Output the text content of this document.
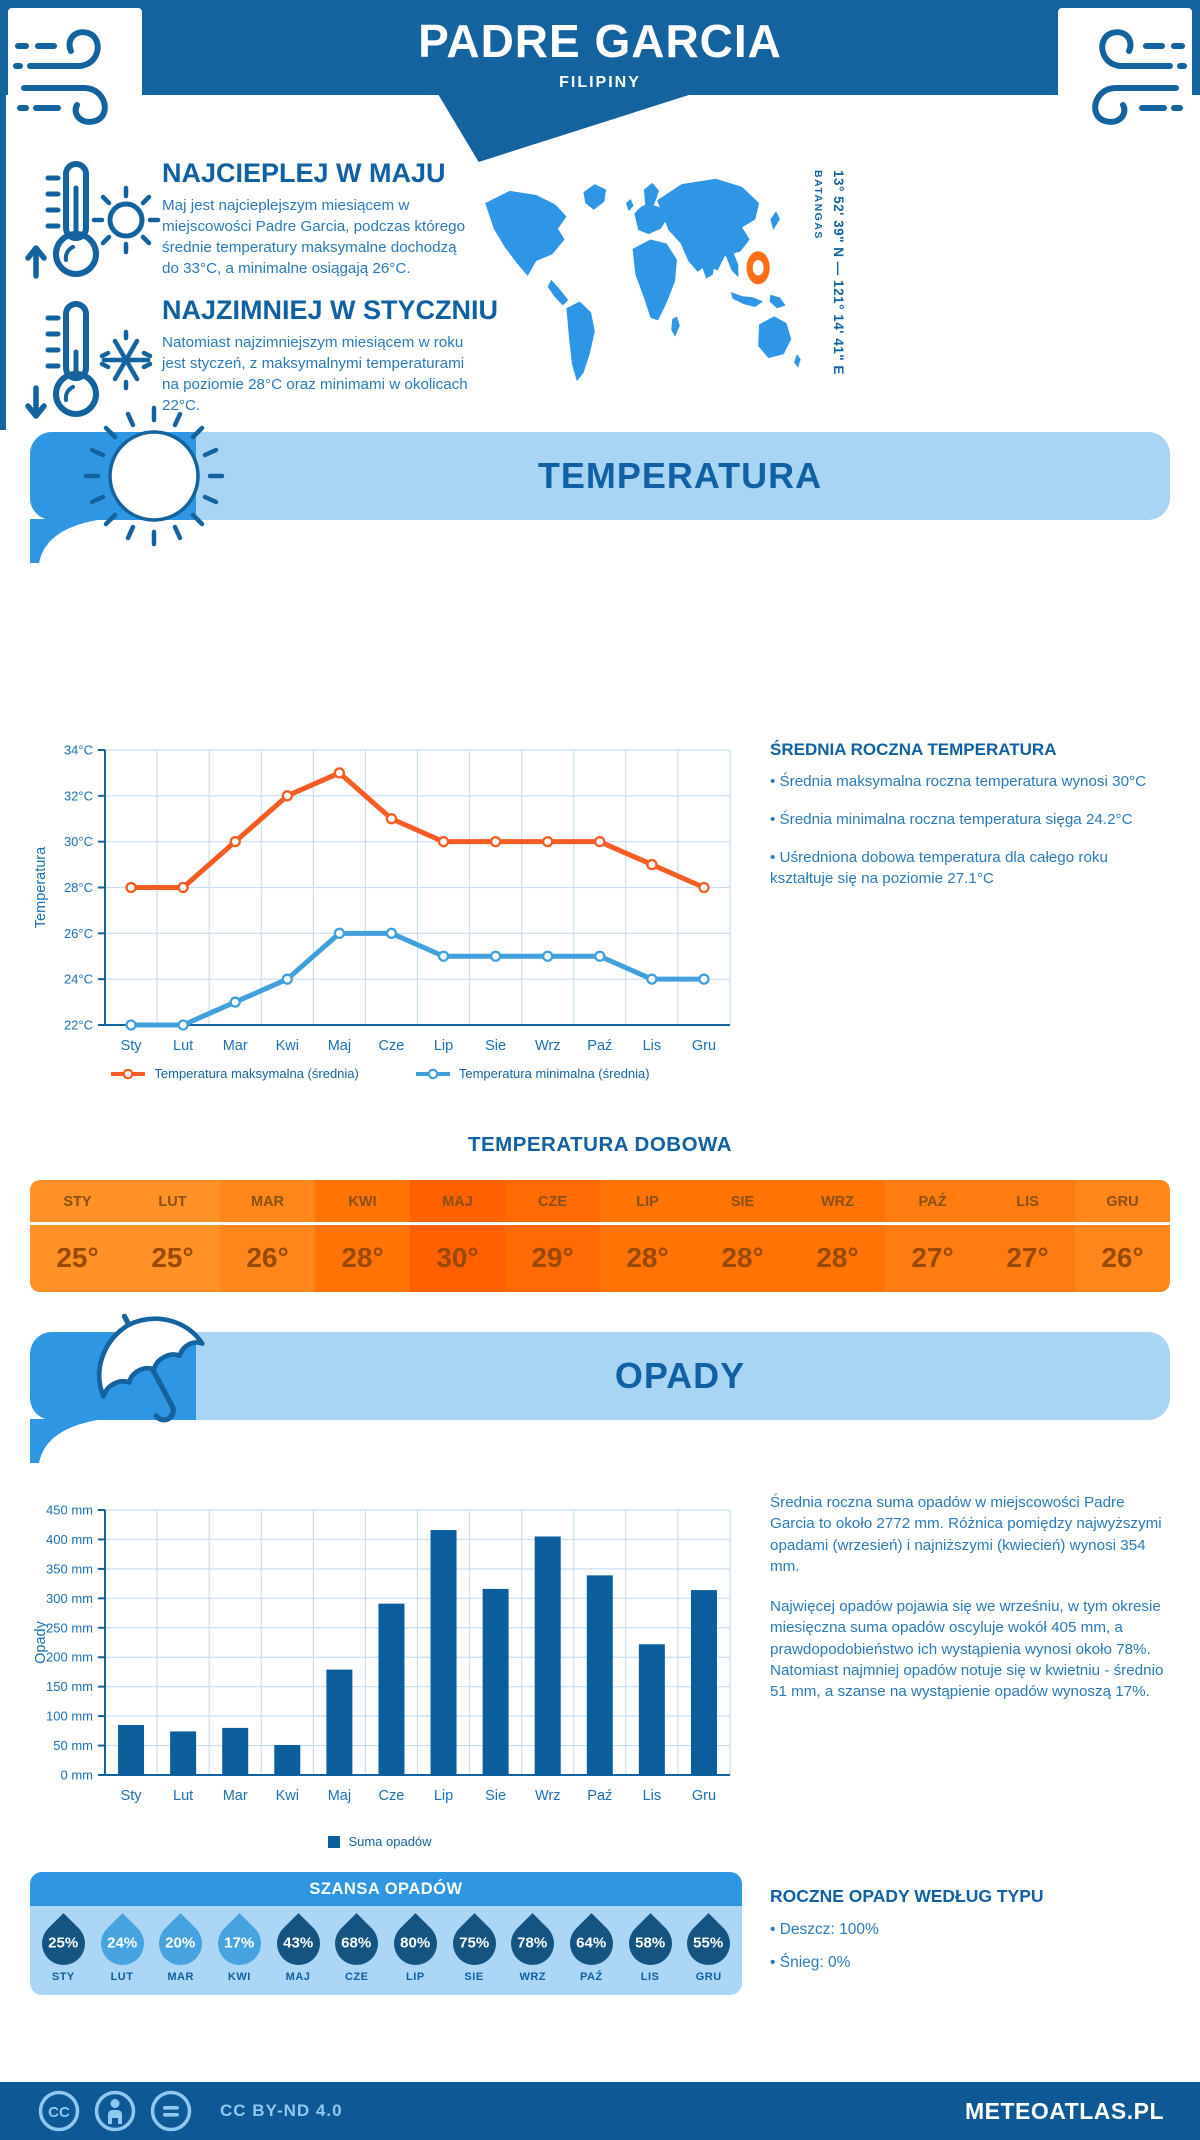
PADRE GARCIA
FILIPINY
NAJCIEPLEJ W MAJU
Maj jest najcieplejszym miesiącem w miejscowości Padre Garcia, podczas którego średnie temperatury maksymalne dochodzą do 33°C, a minimalne osiągają 26°C.
NAJZIMNIEJ W STYCZNIU
Natomiast najzimniejszym miesiącem w roku jest styczeń, z maksymalnymi temperaturami na poziomie 28°C oraz minimami w okolicach 22°C.
BATANGAS 13° 52' 39" N — 121° 14' 41" E
TEMPERATURA
22°C
24°C
26°C
28°C
30°C
32°C
34°C
Sty Lut Mar Kwi Maj Cze Lip Sie Wrz Paź Lis Gru
Temperatura
Temperatura maksymalna (średnia)	Temperatura minimalna (średnia)
ŚREDNIA ROCZNA TEMPERATURA
• Średnia maksymalna roczna temperatura wynosi 30°C
• Średnia minimalna roczna temperatura sięga 24.2°C
• Uśredniona dobowa temperatura dla całego roku kształtuje się na poziomie 27.1°C
TEMPERATURA DOBOWA
STY
25°
LUT
25°
MAR
26°
KWI
28°
MAJ
30°
CZE
29°
LIP
28°
SIE
28°
WRZ
28°
PAŹ
27°
LIS
27°
GRU
26°
OPADY
0 mm
50 mm
100 mm
150 mm
200 mm
250 mm
300 mm
350 mm
400 mm
450 mm
Sty Lut Mar Kwi Maj Cze Lip Sie Wrz Paź Lis Gru
Opady
Suma opadów

Średnia roczna suma opadów w miejscowości Padre Garcia to około 2772 mm. Różnica pomiędzy najwyższymi opadami (wrzesień) i najniższymi (kwiecień) wynosi 354 mm.

Najwięcej opadów pojawia się we wrześniu, w tym okresie miesięczna suma opadów oscyluje wokół 405 mm, a prawdopodobieństwo ich wystąpienia wynosi około 78%. Natomiast najmniej opadów notuje się w kwietniu - średnio 51 mm, a szanse na wystąpienie opadów wynoszą 17%.

SZANSA OPADÓW
25%
STY
24%
LUT
20%
MAR
17%
KWI
43%
MAJ
68%
CZE
80%
LIP
75%
SIE
78%
WRZ
64%
PAŹ
58%
LIS
55%
GRU
ROCZNE OPADY WEDŁUG TYPU
• Deszcz: 100%
• Śnieg: 0%
CC	CC BY-ND 4.0	METEOATLAS.PL
